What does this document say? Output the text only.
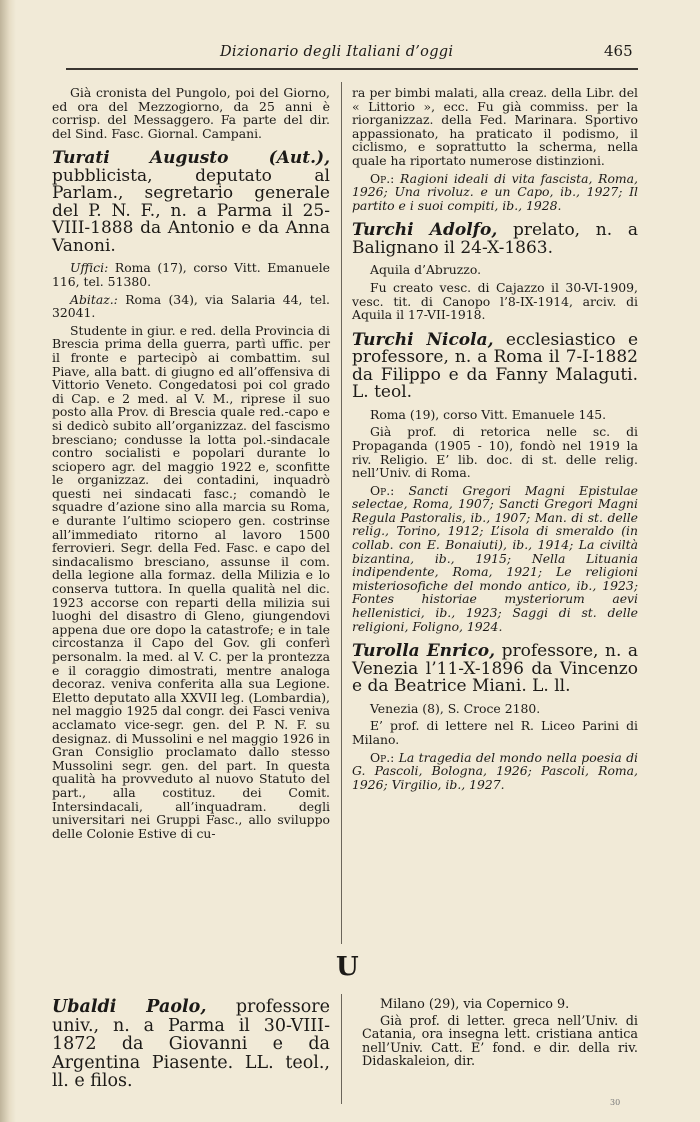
Dizionario degli Italiani d’oggi	465

Già cronista del Pungolo, poi del Giorno, ed ora del Mezzogiorno, da 25 anni è corrisp. del Messaggero. Fa parte del dir. del Sind. Fasc. Giornal. Campani.

Turati Augusto (Aut.), pubblicista, deputato al Parlam., segretario generale del P. N. F., n. a Parma il 25-VIII-1888 da Antonio e da Anna Vanoni.

Uffici: Roma (17), corso Vitt. Emanuele 116, tel. 51380.

Abitaz.: Roma (34), via Salaria 44, tel. 32041.

Studente in giur. e red. della Provincia di Brescia prima della guerra, partì uffic. per il fronte e partecipò ai combattim. sul Piave, alla batt. di giugno ed all’offensiva di Vittorio Veneto. Congedatosi poi col grado di Cap. e 2 med. al V. M., riprese il suo posto alla Prov. di Brescia quale red.-capo e si dedicò subito all’organizzaz. del fascismo bresciano; condusse la lotta pol.-sindacale contro socialisti e popolari durante lo sciopero agr. del maggio 1922 e, sconfitte le organizzaz. dei contadini, inquadrò questi nei sindacati fasc.; comandò le squadre d’azione sino alla marcia su Roma, e durante l’ultimo sciopero gen. costrinse all’immediato ritorno al lavoro 1500 ferrovieri. Segr. della Fed. Fasc. e capo del sindacalismo bresciano, assunse il com. della legione alla formaz. della Milizia e lo conserva tuttora. In quella qualità nel dic. 1923 accorse con reparti della milizia sui luoghi del disastro di Gleno, giungendovi appena due ore dopo la catastrofe; e in tale circostanza il Capo del Gov. gli conferì personalm. la med. al V. C. per la prontezza e il coraggio dimostrati, mentre analoga decoraz. veniva conferita alla sua Legione. Eletto deputato alla XXVII leg. (Lombardia), nel maggio 1925 dal congr. dei Fasci veniva acclamato vice-segr. gen. del P. N. F. su designaz. di Mussolini e nel maggio 1926 in Gran Consiglio proclamato dallo stesso Mussolini segr. gen. del part. In questa qualità ha provveduto al nuovo Statuto del part., alla costituz. dei Comit. Intersindacali, all’inquadram. degli universitari nei Gruppi Fasc., allo sviluppo delle Colonie Estive di cu-

ra per bimbi malati, alla creaz. della Libr. del « Littorio », ecc. Fu già commiss. per la riorganizzaz. della Fed. Marinara. Sportivo appassionato, ha praticato il podismo, il ciclismo, e soprattutto la scherma, nella quale ha riportato numerose distinzioni.

Op.: Ragioni ideali di vita fascista, Roma, 1926; Una rivoluz. e un Capo, ib., 1927; Il partito e i suoi compiti, ib., 1928.

Turchi Adolfo, prelato, n. a Balignano il 24-X-1863.

Aquila d’Abruzzo.

Fu creato vesc. di Cajazzo il 30-VI-1909, vesc. tit. di Canopo l’8-IX-1914, arciv. di Aquila il 17-VII-1918.

Turchi Nicola, ecclesiastico e professore, n. a Roma il 7-I-1882 da Filippo e da Fanny Malaguti. L. teol.

Roma (19), corso Vitt. Emanuele 145.

Già prof. di retorica nelle sc. di Propaganda (1905 - 10), fondò nel 1919 la riv. Religio. E’ lib. doc. di st. delle relig. nell’Univ. di Roma.

Op.: Sancti Gregori Magni Epistulae selectae, Roma, 1907; Sancti Gregori Magni Regula Pastoralis, ib., 1907; Man. di st. delle relig., Torino, 1912; L’isola di smeraldo (in collab. con E. Bonaiuti), ib., 1914; La civiltà bizantina, ib., 1915; Nella Lituania indipendente, Roma, 1921; Le religioni misteriosofiche del mondo antico, ib., 1923; Fontes historiae mysteriorum aevi hellenistici, ib., 1923; Saggi di st. delle religioni, Foligno, 1924.

Turolla Enrico, professore, n. a Venezia l’11-X-1896 da Vincenzo e da Beatrice Miani. L. ll.

Venezia (8), S. Croce 2180.

E’ prof. di lettere nel R. Liceo Parini di Milano.

Op.: La tragedia del mondo nella poesia di G. Pascoli, Bologna, 1926; Pascoli, Roma, 1926; Virgilio, ib., 1927.

U
Ubaldi Paolo, professore univ., n. a Parma il 30-VIII-1872 da Giovanni e da Argentina Piasente. LL. teol., ll. e filos.

Milano (29), via Copernico 9.

Già prof. di letter. greca nell’Univ. di Catania, ora insegna lett. cristiana antica nell’Univ. Catt. E’ fond. e dir. della riv. Didaskaleion, dir.

30
